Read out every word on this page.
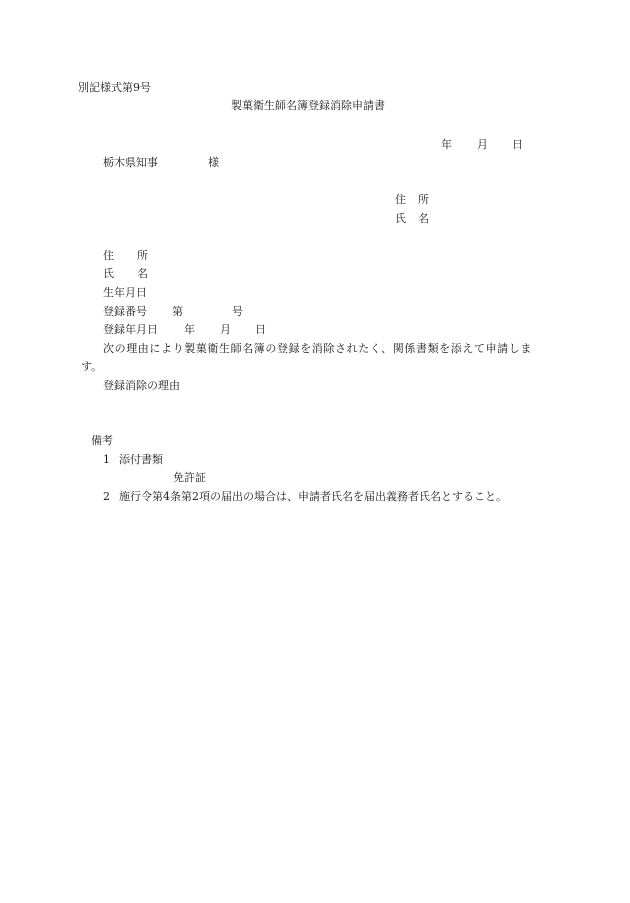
別記様式第9号
製菓衛生師名簿登録消除申請書
年 月 日
栃木県知事	様
住 所
氏 名
住 所
氏 名
生年月日
登録番号 第	号
登録年月日 年 月 日
次の理由により製菓衛生師名簿の登録を消除されたく、関係書類を添えて申請しま
す。
登録消除の理由
備考
1 添付書類
免許証
2 施行令第4条第2項の届出の場合は、申請者氏名を届出義務者氏名とすること。
